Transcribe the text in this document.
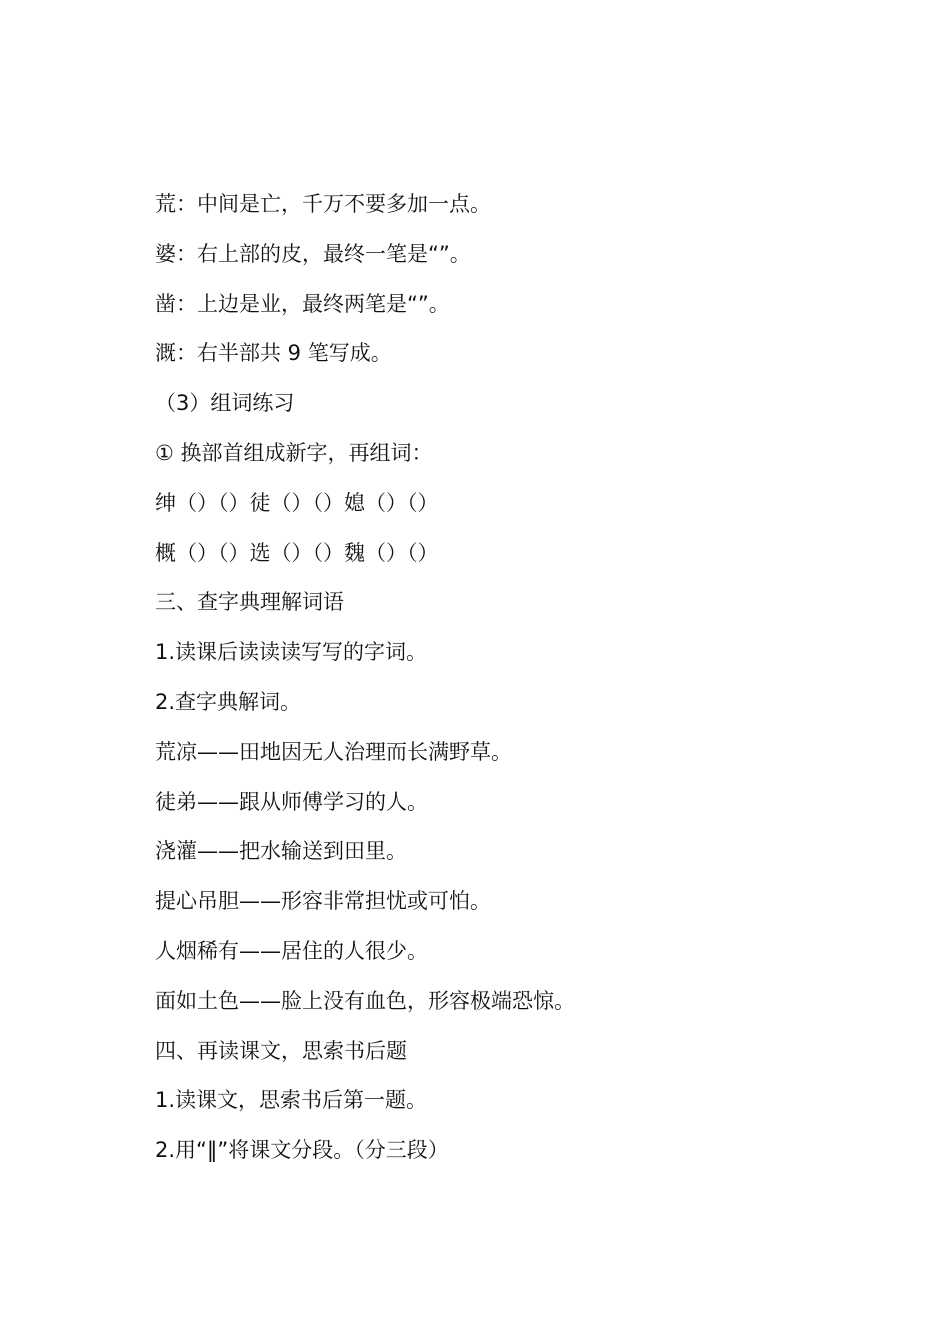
荒：中间是亡，千万不要多加一点。
婆：右上部的皮，最终一笔是“”。
凿：上边是业，最终两笔是“”。
溉：右半部共 9 笔写成。
（3）组词练习
① 换部首组成新字，再组词：
绅（）（）徒（）（）媳（）（）
概（）（）选（）（）魏（）（）
三、查字典理解词语
1.读课后读读读写写的字词。
2.查字典解词。
荒凉——田地因无人治理而长满野草。
徒弟——跟从师傅学习的人。
浇灌——把水输送到田里。
提心吊胆——形容非常担忧或可怕。
人烟稀有——居住的人很少。
面如土色——脸上没有血色，形容极端恐惊。
四、再读课文，思索书后题
1.读课文，思索书后第一题。
2.用“‖”将课文分段。（分三段）
